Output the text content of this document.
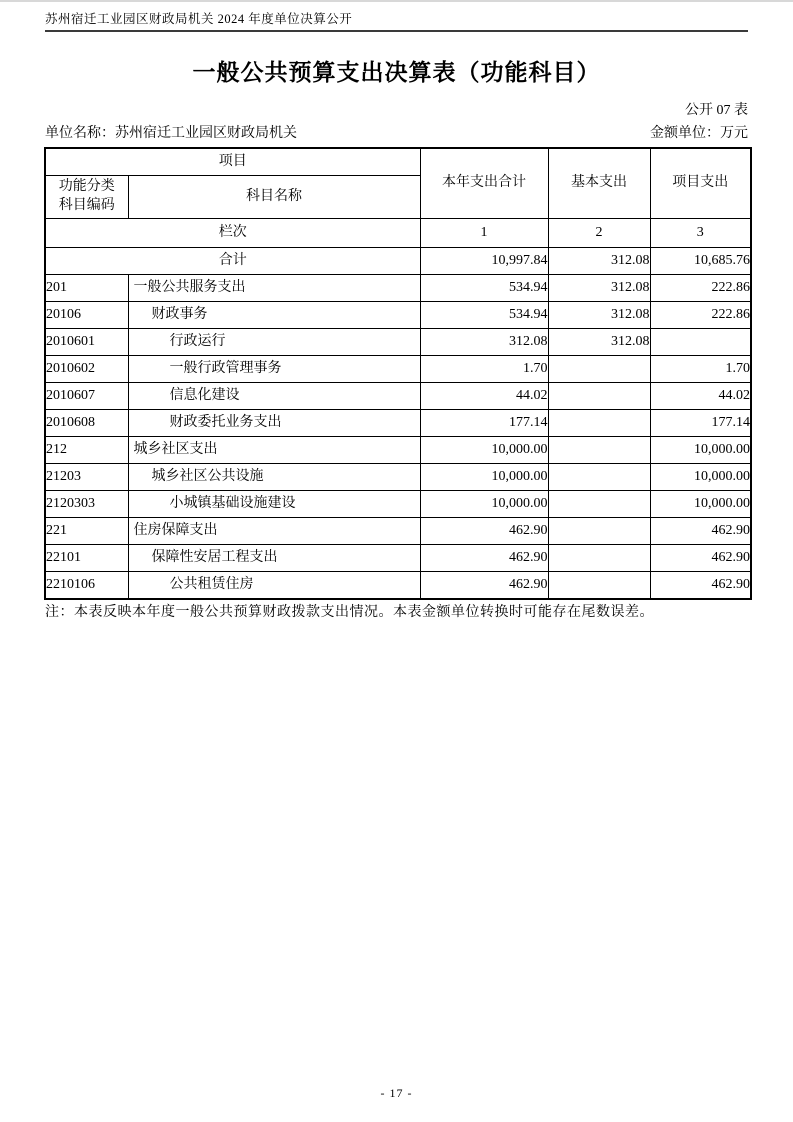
苏州宿迁工业园区财政局机关 2024 年度单位决算公开
一般公共预算支出决算表（功能科目）
公开 07 表
单位名称：苏州宿迁工业园区财政局机关	金额单位：万元
项目		本年支出合计	基本支出	项目支出

功能分类
科目编码	科目名称			
栏次		1	2	3
合计		10,997.84	312.08	10,685.76
201	一般公共服务支出	534.94	312.08	222.86
20106	财政事务	534.94	312.08	222.86
2010601	行政运行	312.08	312.08	
2010602	一般行政管理事务	1.70		1.70
2010607	信息化建设	44.02		44.02
2010608	财政委托业务支出	177.14		177.14
212	城乡社区支出	10,000.00		10,000.00
21203	城乡社区公共设施	10,000.00		10,000.00
2120303	小城镇基础设施建设	10,000.00		10,000.00
221	住房保障支出	462.90		462.90
22101	保障性安居工程支出	462.90		462.90
2210106	公共租赁住房	462.90		462.90
注：本表反映本年度一般公共预算财政拨款支出情况。本表金额单位转换时可能存在尾数误差。
- 17 -
